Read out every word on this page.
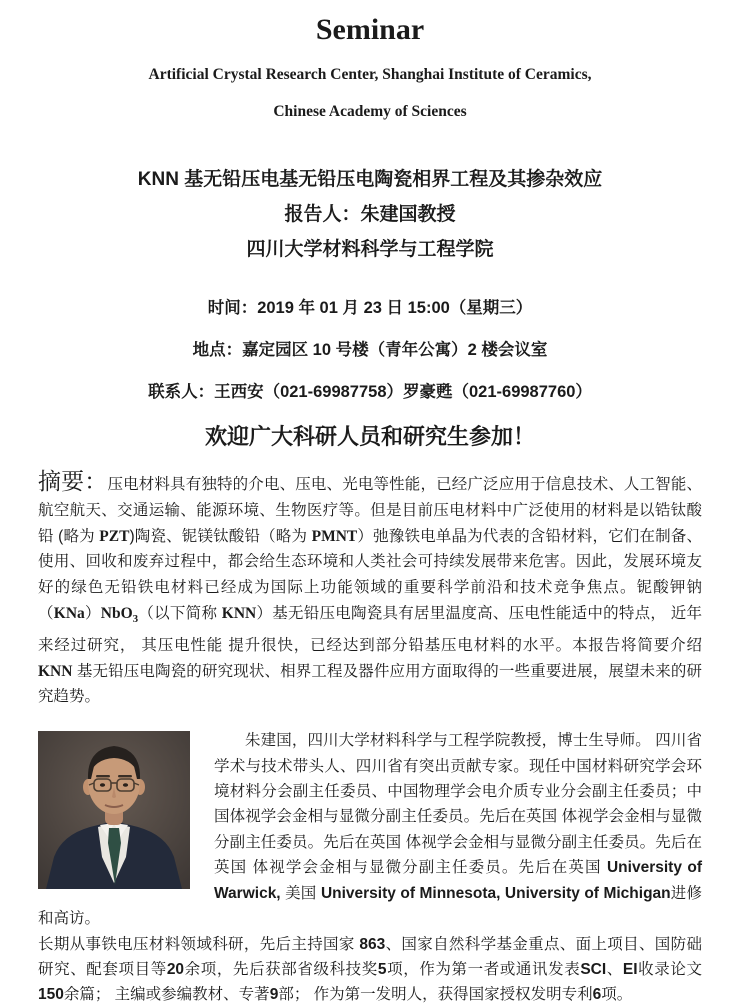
Seminar
Artificial Crystal Research Center, Shanghai Institute of Ceramics,
Chinese Academy of Sciences
KNN 基无铅压电基无铅压电陶瓷相界工程及其掺杂效应
报告人：朱建国教授
四川大学材料科学与工程学院
时间：2019 年 01 月 23 日 15:00（星期三）
地点：嘉定园区 10 号楼（青年公寓）2 楼会议室
联系人：王西安（021-69987758）罗豪甦（021-69987760）
欢迎广大科研人员和研究生参加！

摘要：压电材料具有独特的介电、压电、光电等性能，已经广泛应用于信息技术、人工智能、航空航天、交通运输、能源环境、生物医疗等。但是目前压电材料中广泛使用的材料是以锆钛酸铅 (略为 PZT)陶瓷、铌镁钛酸铅（略为 PMNT）弛豫铁电单晶为代表的含铅材料，它们在制备、使用、回收和废弃过程中，都会给生态环境和人类社会可持续发展带来危害。因此，发展环境友好的绿色无铅铁电材料已经成为国际上功能领域的重要科学前沿和技术竞争焦点。铌酸钾钠（KNa）NbO$_3$（以下简称 KNN）基无铅压电陶瓷具有居里温度高、压电性能适中的特点， 近年来经过研究， 其压电性能 提升很快，已经达到部分铅基压电材料的水平。本报告将简要介绍 KNN 基无铅压电陶瓷的研究现状、相界工程及器件应用方面取得的一些重要进展，展望未来的研究趋势。

朱建国，四川大学材料科学与工程学院教授，博士生导师。 四川省学术与技术带头人、四川省有突出贡献专家。现任中国材料研究学会环境材料分会副主任委员、中国物理学会电介质专业分会副主任委员；中国体视学会金相与显微分副主任委员。先后在英国 体视学会金相与显微分副主任委员。先后在英国 体视学会金相与显微分副主任委员。先后在英国 体视学会金相与显微分副主任委员。先后在英国 University of Warwick, 美国 University of Minnesota, University of Michigan进修和高访。

长期从事铁电压材料领域科研，先后主持国家 863、国家自然科学基金重点、面上项目、国防础研究、配套项目等20余项，先后获部省级科技奖5项，作为第一者或通讯发表SCI、EI收录论文 150余篇； 主编或参编教材、专著9部； 作为第一发明人，获得国家授权发明专利6项。
